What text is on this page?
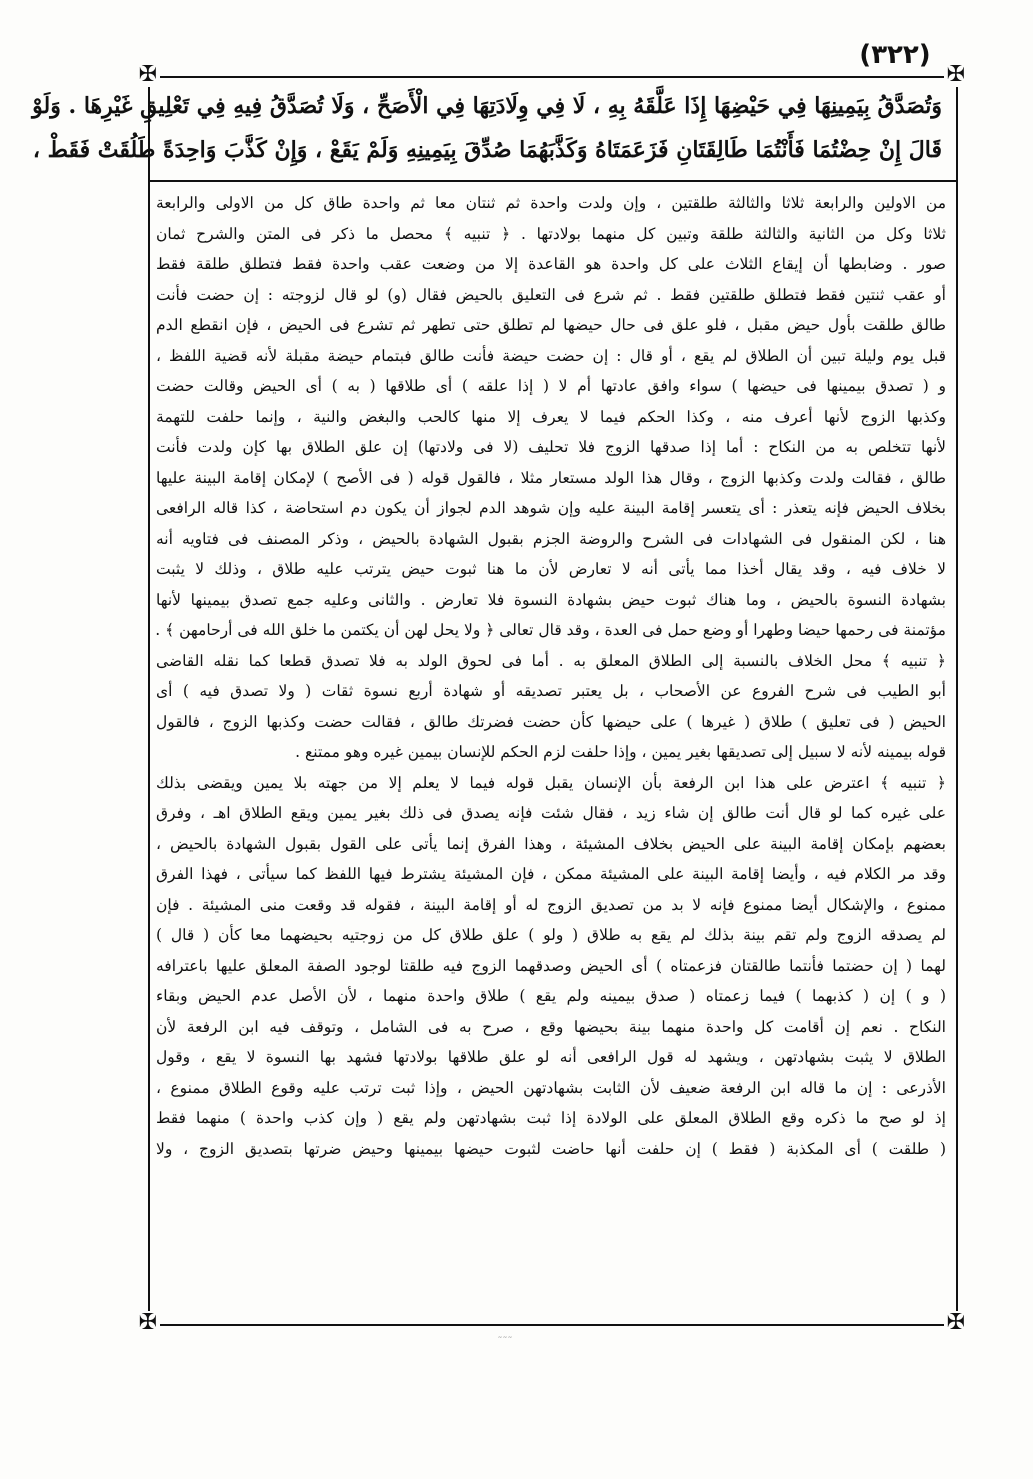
(٣٢٢)
✠	✠
✠	✠
وَتُصَدَّقُ بِيَمِينِهَا فِي حَيْضِهَا إِذَا عَلَّقَهُ بِهِ ، لَا فِي وِلَادَتِهَا فِي الْأَصَحِّ ، وَلَا تُصَدَّقُ فِيهِ فِي تَعْلِيقِ غَيْرِهَا . وَلَوْ
قَالَ إِنْ حِضْتُمَا فَأَنْتُمَا طَالِقَتَانِ فَزَعَمَتَاهُ وَكَذَّبَهُمَا صُدِّقَ بِيَمِينِهِ وَلَمْ يَقَعْ ، وَإِنْ كَذَّبَ وَاحِدَةً طَلُقَتْ فَقَطْ ،
من الاولين والرابعة ثلاثا والثالثة طلقتين ، وإن ولدت واحدة ثم ثنتان معا ثم واحدة طاق كل من الاولى والرابعة
ثلاثا وكل من الثانية والثالثة طلقة وتبين كل منهما بولادتها . ﴿ تنبيه ﴾ محصل ما ذكر فى المتن والشرح ثمان
صور . وضابطها أن إيقاع الثلاث على كل واحدة هو القاعدة إلا من وضعت عقب واحدة فقط فتطلق طلقة فقط
أو عقب ثنتين فقط فتطلق طلقتين فقط . ثم شرع فى التعليق بالحيض فقال (و) لو قال لزوجته : إن حضت فأنت
طالق طلقت بأول حيض مقبل ، فلو علق فى حال حيضها لم تطلق حتى تطهر ثم تشرع فى الحيض ، فإن انقطع الدم
قبل يوم وليلة تبين أن الطلاق لم يقع ، أو قال : إن حضت حيضة فأنت طالق فبتمام حيضة مقبلة لأنه قضية اللفظ ،
و ( تصدق بيمينها فى حيضها ) سواء وافق عادتها أم لا ( إذا علقه ) أى طلاقها ( به ) أى الحيض وقالت حضت
وكذبها الزوج لأنها أعرف منه ، وكذا الحكم فيما لا يعرف إلا منها كالحب والبغض والنية ، وإنما حلفت للتهمة
لأنها تتخلص به من النكاح : أما إذا صدقها الزوج فلا تحليف (لا فى ولادتها) إن علق الطلاق بها كإن ولدت فأنت
طالق ، فقالت ولدت وكذبها الزوج ، وقال هذا الولد مستعار مثلا ، فالقول قوله ( فى الأصح ) لإمكان إقامة البينة عليها
بخلاف الحيض فإنه يتعذر : أى يتعسر إقامة البينة عليه وإن شوهد الدم لجواز أن يكون دم استحاضة ، كذا قاله الرافعى
هنا ، لكن المنقول فى الشهادات فى الشرح والروضة الجزم بقبول الشهادة بالحيض ، وذكر المصنف فى فتاويه أنه
لا خلاف فيه ، وقد يقال أخذا مما يأتى أنه لا تعارض لأن ما هنا ثبوت حيض يترتب عليه طلاق ، وذلك لا يثبت
بشهادة النسوة بالحيض ، وما هناك ثبوت حيض بشهادة النسوة فلا تعارض . والثانى وعليه جمع تصدق بيمينها لأنها
مؤتمنة فى رحمها حيضا وطهرا أو وضع حمل فى العدة ، وقد قال تعالى ﴿ ولا يحل لهن أن يكتمن ما خلق الله فى أرحامهن ﴾ .
﴿ تنبيه ﴾ محل الخلاف بالنسبة إلى الطلاق المعلق به . أما فى لحوق الولد به فلا تصدق قطعا كما نقله القاضى
أبو الطيب فى شرح الفروع عن الأصحاب ، بل يعتبر تصديقه أو شهادة أربع نسوة ثقات ( ولا تصدق فيه ) أى
الحيض ( فى تعليق ) طلاق ( غيرها ) على حيضها كأن حضت فضرتك طالق ، فقالت حضت وكذبها الزوج ، فالقول
قوله بيمينه لأنه لا سبيل إلى تصديقها بغير يمين ، وإذا حلفت لزم الحكم للإنسان بيمين غيره وهو ممتنع .
﴿ تنبيه ﴾ اعترض على هذا ابن الرفعة بأن الإنسان يقبل قوله فيما لا يعلم إلا من جهته بلا يمين ويقضى بذلك
على غيره كما لو قال أنت طالق إن شاء زيد ، فقال شئت فإنه يصدق فى ذلك بغير يمين ويقع الطلاق اهـ ، وفرق
بعضهم بإمكان إقامة البينة على الحيض بخلاف المشيئة ، وهذا الفرق إنما يأتى على القول بقبول الشهادة بالحيض ،
وقد مر الكلام فيه ، وأيضا إقامة البينة على المشيئة ممكن ، فإن المشيئة يشترط فيها اللفظ كما سيأتى ، فهذا الفرق
ممنوع ، والإشكال أيضا ممنوع فإنه لا بد من تصديق الزوج له أو إقامة البينة ، فقوله قد وقعت منى المشيئة . فإن
لم يصدقه الزوج ولم تقم بينة بذلك لم يقع به طلاق ( ولو ) علق طلاق كل من زوجتيه بحيضهما معا كأن ( قال )
لهما ( إن حضتما فأنتما طالقتان فزعمتاه ) أى الحيض وصدقهما الزوج فيه طلقتا لوجود الصفة المعلق عليها باعترافه
( و ) إن ( كذبهما ) فيما زعمتاه ( صدق بيمينه ولم يقع ) طلاق واحدة منهما ، لأن الأصل عدم الحيض وبقاء
النكاح . نعم إن أقامت كل واحدة منهما بينة بحيضها وقع ، صرح به فى الشامل ، وتوقف فيه ابن الرفعة لأن
الطلاق لا يثبت بشهادتهن ، ويشهد له قول الرافعى أنه لو علق طلاقها بولادتها فشهد بها النسوة لا يقع ، وقول
الأذرعى : إن ما قاله ابن الرفعة ضعيف لأن الثابت بشهادتهن الحيض ، وإذا ثبت ترتب عليه وقوع الطلاق ممنوع ،
إذ لو صح ما ذكره وقع الطلاق المعلق على الولادة إذا ثبت بشهادتهن ولم يقع ( وإن كذب واحدة ) منهما فقط
( طلقت ) أى المكذبة ( فقط ) إن حلفت أنها حاضت لثبوت حيضها بيمينها وحيض ضرتها بتصديق الزوج ، ولا
˜˜˜
